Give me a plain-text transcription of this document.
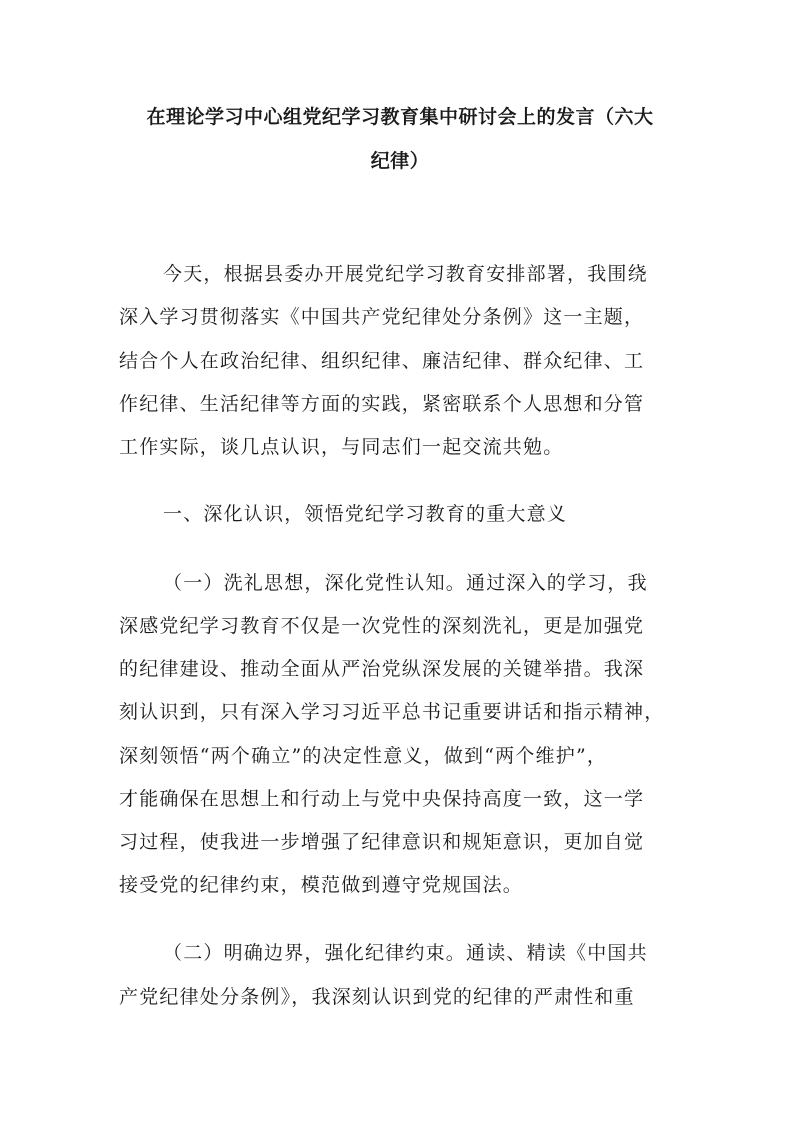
在理论学习中心组党纪学习教育集中研讨会上的发言（六大
纪律）
今天，根据县委办开展党纪学习教育安排部署，我围绕
深入学习贯彻落实《中国共产党纪律处分条例》这一主题，
结合个人在政治纪律、组织纪律、廉洁纪律、群众纪律、工
作纪律、生活纪律等方面的实践，紧密联系个人思想和分管
工作实际，谈几点认识，与同志们一起交流共勉。
一、深化认识，领悟党纪学习教育的重大意义
（一）洗礼思想，深化党性认知。通过深入的学习，我
深感党纪学习教育不仅是一次党性的深刻洗礼，更是加强党
的纪律建设、推动全面从严治党纵深发展的关键举措。我深
刻认识到，只有深入学习习近平总书记重要讲话和指示精神，
深刻领悟“两个确立”的决定性意义，做到“两个维护”，
才能确保在思想上和行动上与党中央保持高度一致，这一学
习过程，使我进一步增强了纪律意识和规矩意识，更加自觉
接受党的纪律约束，模范做到遵守党规国法。
（二）明确边界，强化纪律约束。通读、精读《中国共
产党纪律处分条例》，我深刻认识到党的纪律的严肃性和重
